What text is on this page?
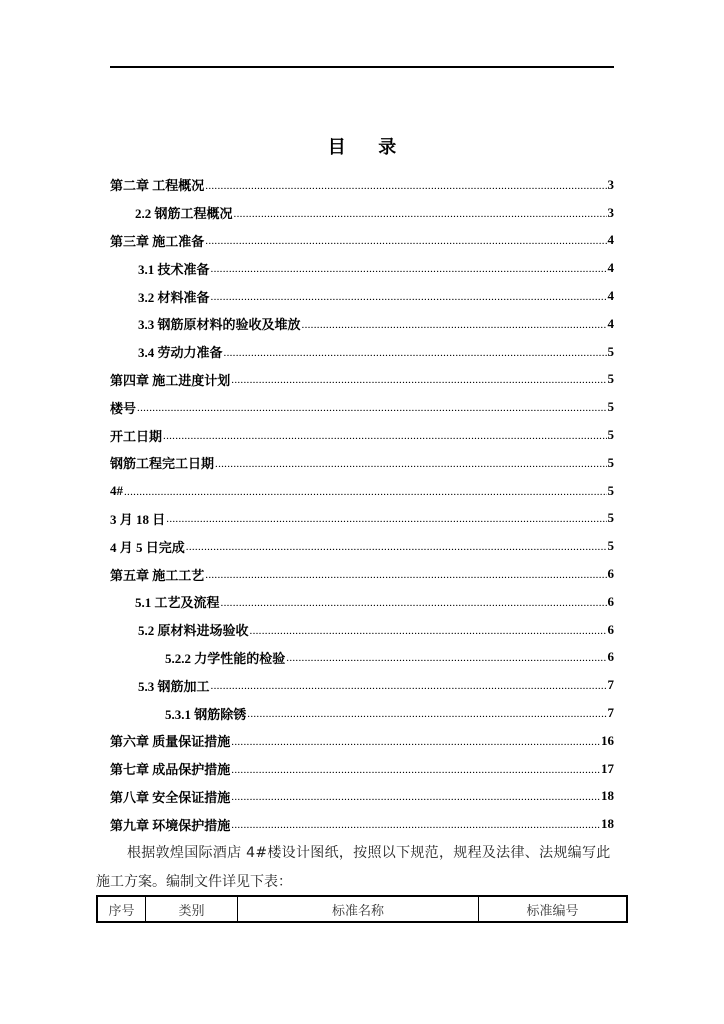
目 录
第二章 工程概况 .....	3
2.2 钢筋工程概况 .....	3
第三章 施工准备 .....	4
3.1 技术准备 .....	4
3.2 材料准备 .....	4
3.3 钢筋原材料的验收及堆放 .....	4
3.4 劳动力准备 .....	5
第四章 施工进度计划 .....	5
楼号 .....	5
开工日期 .....	5
钢筋工程完工日期 .....	5
4# .....	5
3 月 18 日 .....	5
4 月 5 日完成 .....	5
第五章 施工工艺 .....	6
5.1 工艺及流程 .....	6
5.2 原材料进场验收 .....	6
5.2.2 力学性能的检验 .....	6
5.3 钢筋加工 .....	7
5.3.1 钢筋除锈 .....	7
第六章 质量保证措施 .....	16
第七章 成品保护措施 .....	17
第八章 安全保证措施 .....	18
第九章 环境保护措施 .....	18

根据敦煌国际酒店 4#楼设计图纸，按照以下规范，规程及法律、法规编写此

施工方案。编制文件详见下表：

序号	类别	标准名称	标准编号
